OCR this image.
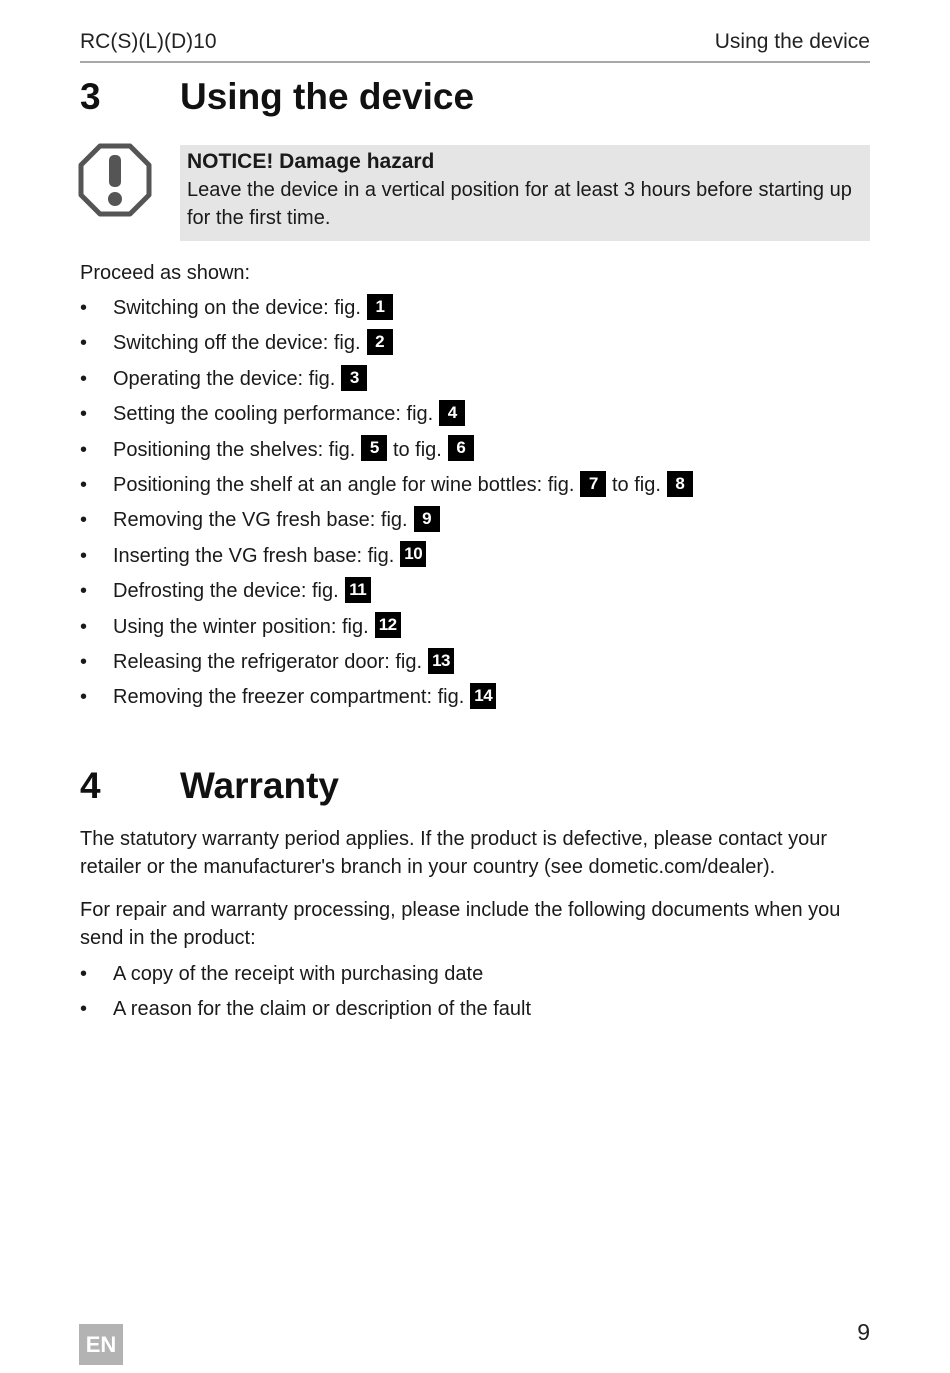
RC(S)(L)(D)10	Using the device
3 Using the device
NOTICE! Damage hazard
Leave the device in a vertical position for at least 3 hours before starting up for the first time.
Proceed as shown:
• Switching on the device: fig. 1
• Switching off the device: fig. 2
• Operating the device: fig. 3
• Setting the cooling performance: fig. 4
• Positioning the shelves: fig. 5 to fig. 6
• Positioning the shelf at an angle for wine bottles: fig. 7 to fig. 8
• Removing the VG fresh base: fig. 9
• Inserting the VG fresh base: fig. 10
• Defrosting the device: fig. 11
• Using the winter position: fig. 12
• Releasing the refrigerator door: fig. 13
• Removing the freezer compartment: fig. 14
4 Warranty
The statutory warranty period applies. If the product is defective, please contact your retailer or the manufacturer's branch in your country (see dometic.com/dealer).
For repair and warranty processing, please include the following documents when you send in the product:
• A copy of the receipt with purchasing date
• A reason for the claim or description of the fault
EN	9
